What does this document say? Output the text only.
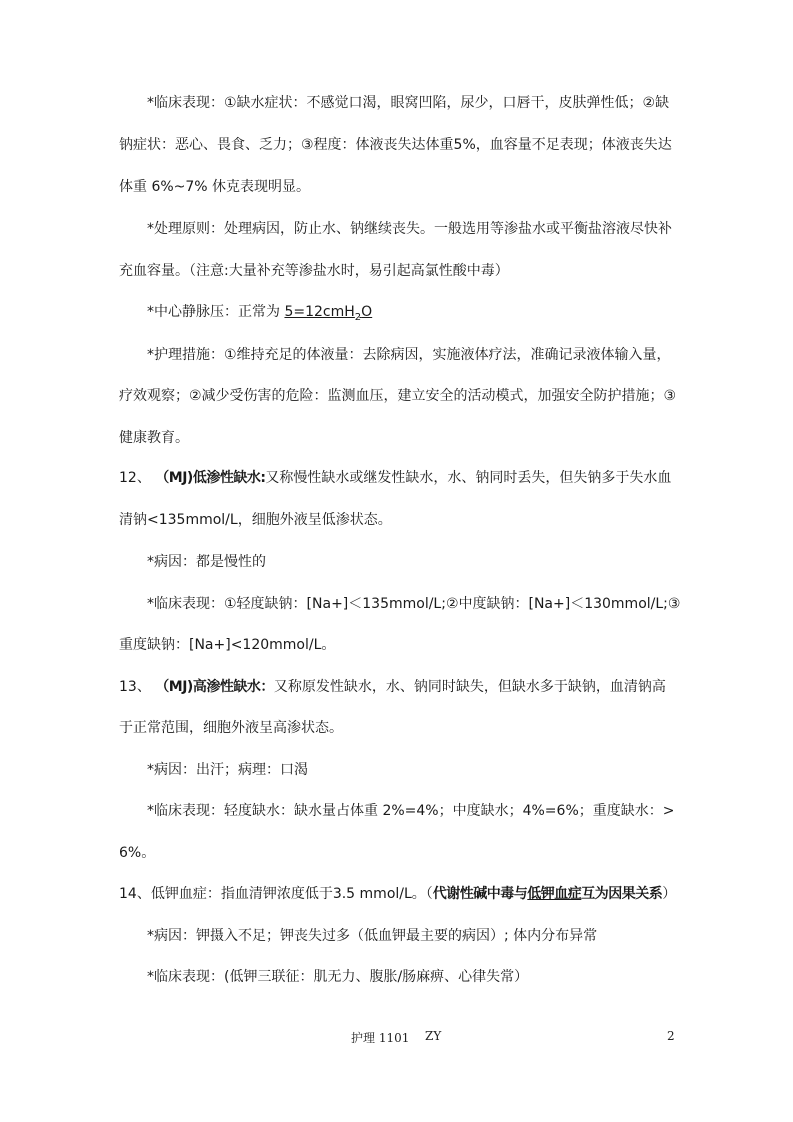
*临床表现：①缺水症状：不感觉口渴，眼窝凹陷，尿少，口唇干，皮肤弹性低；②缺
钠症状：恶心、畏食、乏力；③程度：体液丧失达体重5%，血容量不足表现；体液丧失达
体重 6%~7% 休克表现明显。
*处理原则：处理病因，防止水、钠继续丧失。一般选用等渗盐水或平衡盐溶液尽快补
充血容量。（注意:大量补充等渗盐水时，易引起高氯性酸中毒）
*中心静脉压：正常为 5=12cmH$_2$O
*护理措施：①维持充足的体液量：去除病因，实施液体疗法，准确记录液体输入量，
疗效观察；②减少受伤害的危险：监测血压，建立安全的活动模式，加强安全防护措施；③
健康教育。
12、 （MJ)低渗性缺水:又称慢性缺水或继发性缺水，水、钠同时丢失，但失钠多于失水血
清钠<135mmol/L，细胞外液呈低渗状态。
*病因：都是慢性的
*临床表现：①轻度缺钠：[Na+]＜135mmol/L;②中度缺钠：[Na+]＜130mmol/L;③
重度缺钠：[Na+]<120mmol/L。
13、 （MJ)高渗性缺水：又称原发性缺水，水、钠同时缺失，但缺水多于缺钠，血清钠高
于正常范围，细胞外液呈高渗状态。
*病因：出汗；病理：口渴
*临床表现：轻度缺水：缺水量占体重 2%=4%；中度缺水；4%=6%；重度缺水：>
6%。
14、低钾血症：指血清钾浓度低于3.5 mmol/L。（代谢性碱中毒与低钾血症互为因果关系）
*病因：钾摄入不足；钾丧失过多（低血钾最主要的病因）; 体内分布异常
*临床表现：(低钾三联征：肌无力、腹胀/肠麻痹、心律失常）
护理 1101 ZY	2
